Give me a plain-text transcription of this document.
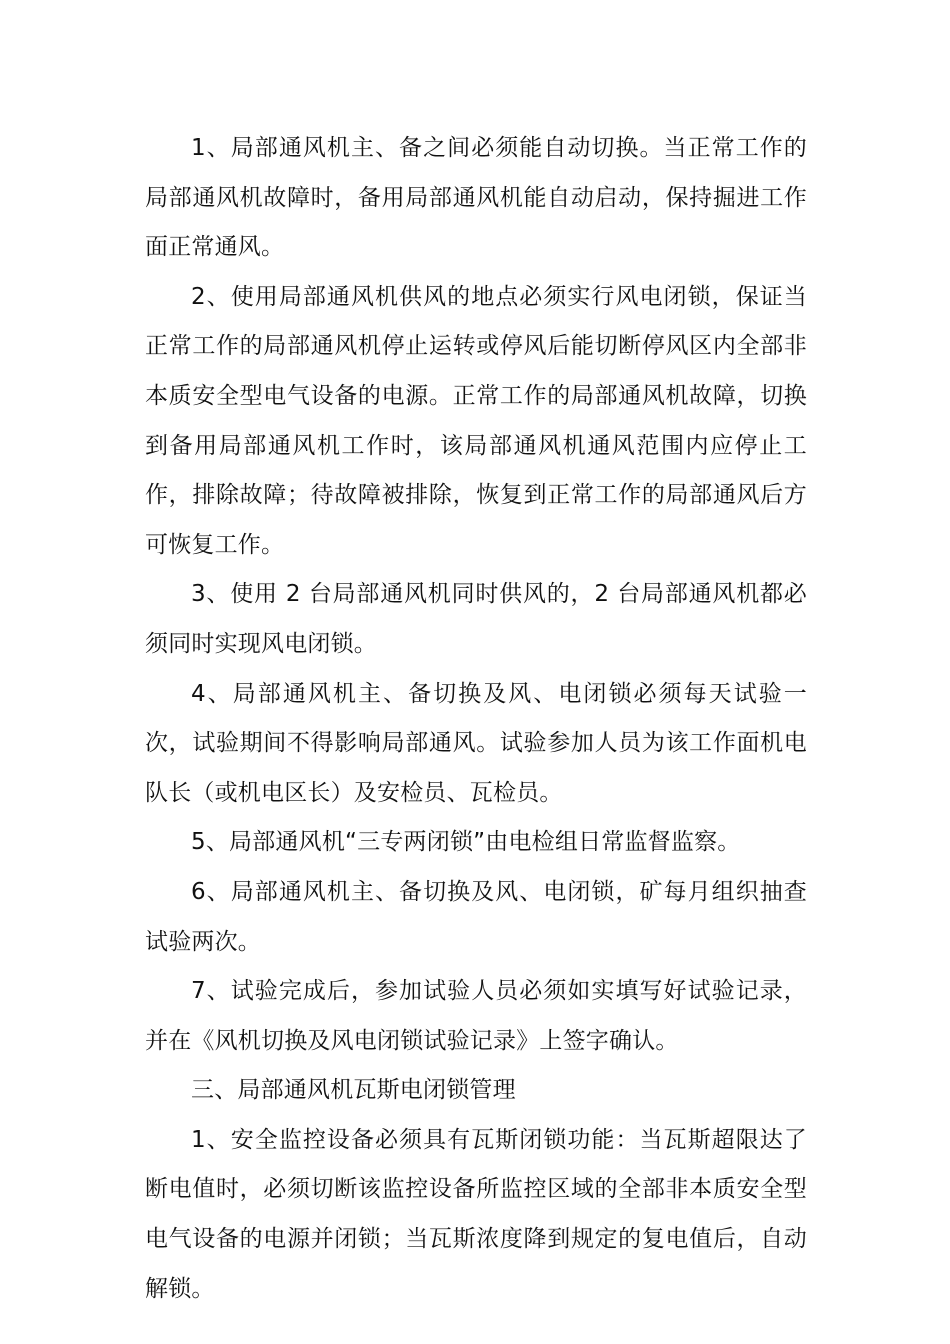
1、局部通风机主、备之间必须能自动切换。当正常工作的局部通风机故障时，备用局部通风机能自动启动，保持掘进工作面正常通风。

2、使用局部通风机供风的地点必须实行风电闭锁，保证当正常工作的局部通风机停止运转或停风后能切断停风区内全部非本质安全型电气设备的电源。正常工作的局部通风机故障，切换到备用局部通风机工作时，该局部通风机通风范围内应停止工作，排除故障；待故障被排除，恢复到正常工作的局部通风后方可恢复工作。

3、使用 2 台局部通风机同时供风的，2 台局部通风机都必须同时实现风电闭锁。

4、局部通风机主、备切换及风、电闭锁必须每天试验一次，试验期间不得影响局部通风。试验参加人员为该工作面机电队长（或机电区长）及安检员、瓦检员。

5、局部通风机“三专两闭锁”由电检组日常监督监察。

6、局部通风机主、备切换及风、电闭锁，矿每月组织抽查试验两次。

7、试验完成后，参加试验人员必须如实填写好试验记录，并在《风机切换及风电闭锁试验记录》上签字确认。

三、局部通风机瓦斯电闭锁管理

1、安全监控设备必须具有瓦斯闭锁功能：当瓦斯超限达了断电值时，必须切断该监控设备所监控区域的全部非本质安全型电气设备的电源并闭锁；当瓦斯浓度降到规定的复电值后，自动解锁。
